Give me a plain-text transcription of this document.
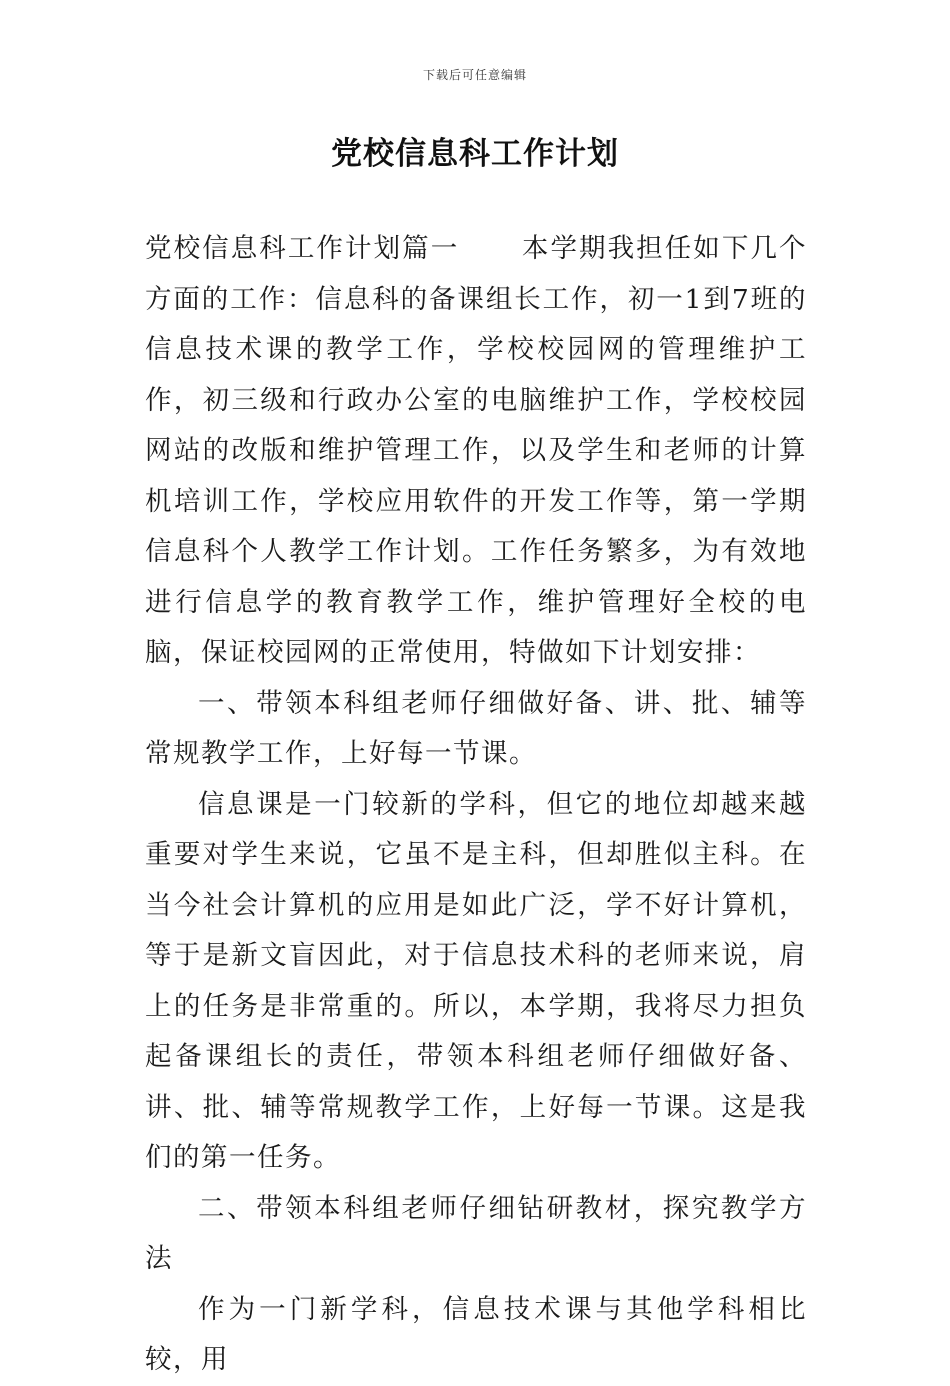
下载后可任意编辑
党校信息科工作计划

党校信息科工作计划篇一 本学期我担任如下几个方面的工作：信息科的备课组长工作，初一1到7班的信息技术课的教学工作，学校校园网的管理维护工作，初三级和行政办公室的电脑维护工作，学校校园网站的改版和维护管理工作，以及学生和老师的计算机培训工作，学校应用软件的开发工作等，第一学期信息科个人教学工作计划。工作任务繁多，为有效地进行信息学的教育教学工作，维护管理好全校的电脑，保证校园网的正常使用，特做如下计划安排：

一、带领本科组老师仔细做好备、讲、批、辅等常规教学工作，上好每一节课。

信息课是一门较新的学科，但它的地位却越来越重要对学生来说，它虽不是主科，但却胜似主科。在当今社会计算机的应用是如此广泛，学不好计算机，等于是新文盲因此，对于信息技术科的老师来说，肩上的任务是非常重的。所以，本学期，我将尽力担负起备课组长的责任，带领本科组老师仔细做好备、讲、批、辅等常规教学工作，上好每一节课。这是我们的第一任务。

二、带领本科组老师仔细钻研教材，探究教学方法

作为一门新学科，信息技术课与其他学科相比较，用
